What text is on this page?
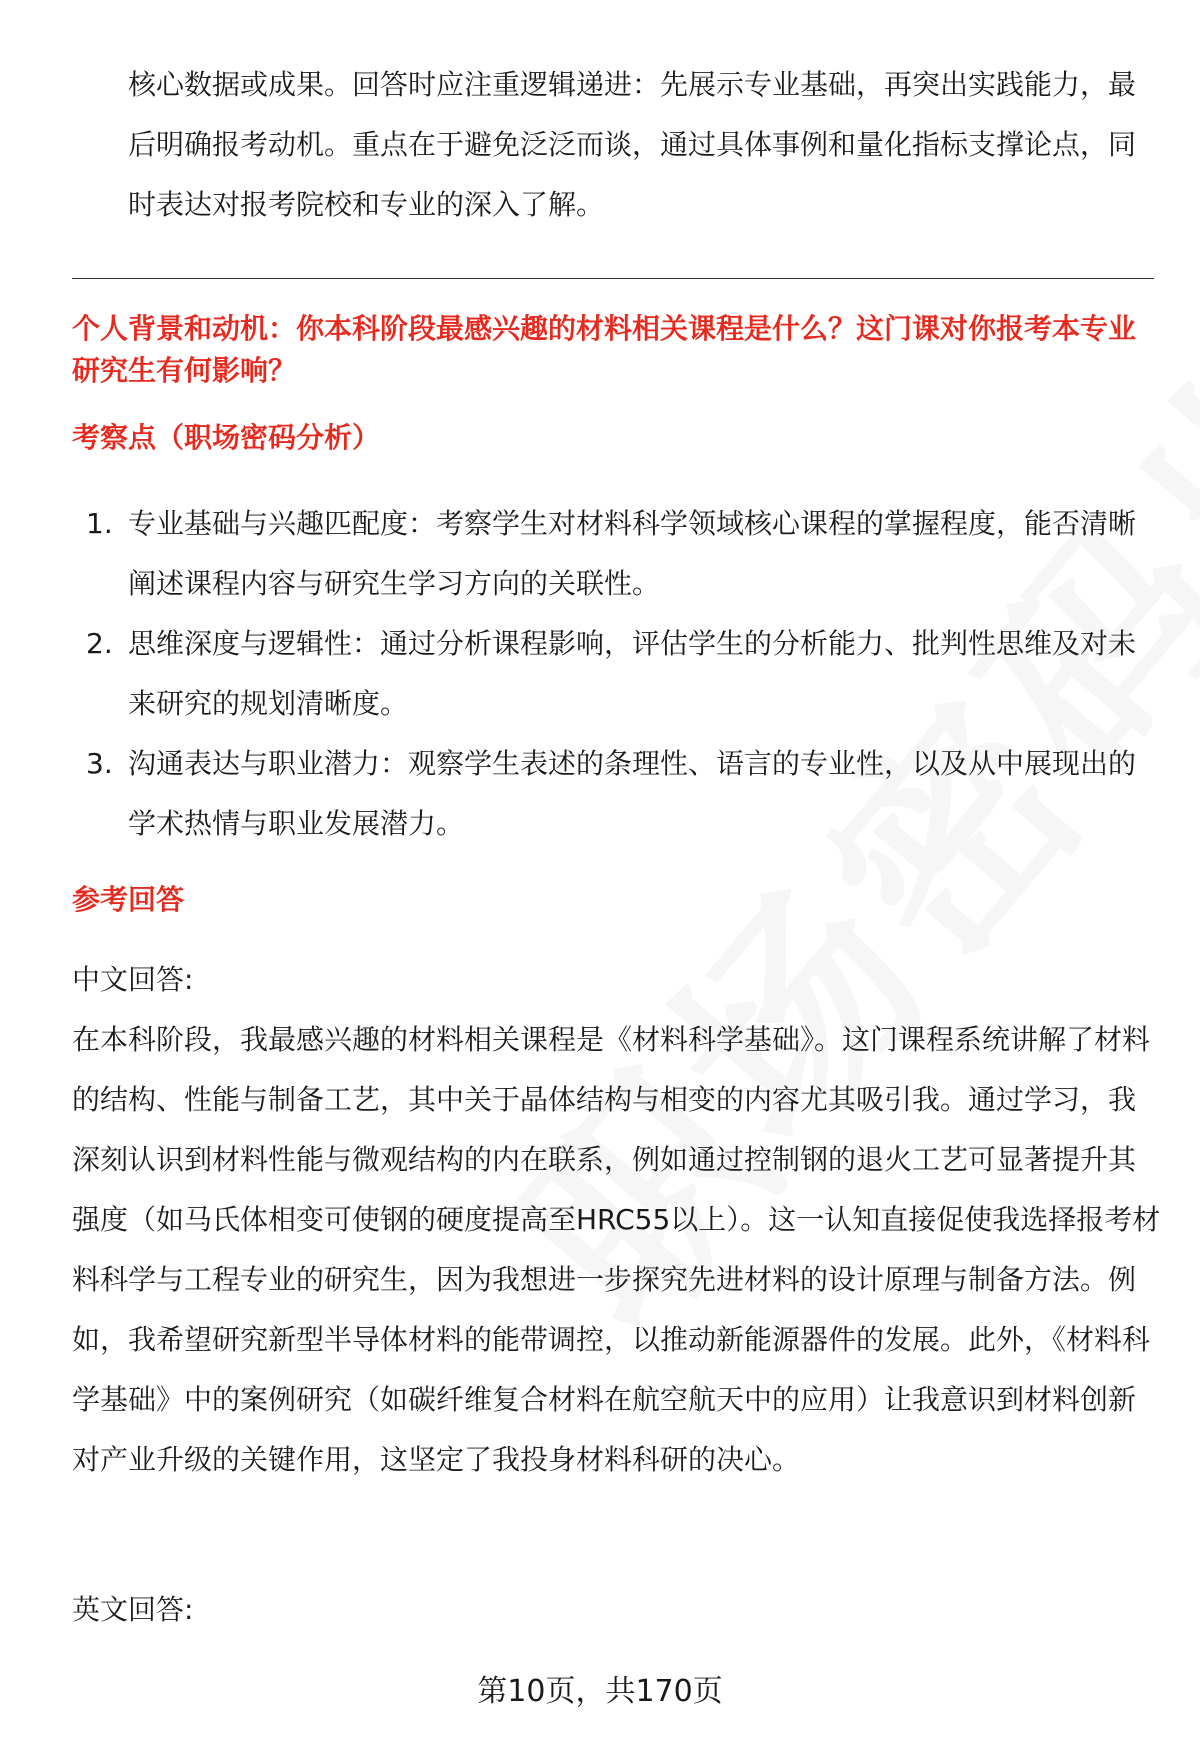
核心数据或成果。回答时应注重逻辑递进：先展示专业基础，再突出实践能力，最后明确报考动机。重点在于避免泛泛而谈，通过具体事例和量化指标支撑论点，同时表达对报考院校和专业的深入了解。
个人背景和动机：你本科阶段最感兴趣的材料相关课程是什么？这门课对你报考本专业研究生有何影响？
考察点（职场密码分析）
1. 专业基础与兴趣匹配度：考察学生对材料科学领域核心课程的掌握程度，能否清晰阐述课程内容与研究生学习方向的关联性。
2. 思维深度与逻辑性：通过分析课程影响，评估学生的分析能力、批判性思维及对未来研究的规划清晰度。
3. 沟通表达与职业潜力：观察学生表述的条理性、语言的专业性，以及从中展现出的学术热情与职业发展潜力。
参考回答
中文回答:
在本科阶段，我最感兴趣的材料相关课程是《材料科学基础》。这门课程系统讲解了材料的结构、性能与制备工艺，其中关于晶体结构与相变的内容尤其吸引我。通过学习，我深刻认识到材料性能与微观结构的内在联系，例如通过控制钢的退火工艺可显著提升其强度（如马氏体相变可使钢的硬度提高至HRC55以上）。这一认知直接促使我选择报考材料科学与工程专业的研究生，因为我想进一步探究先进材料的设计原理与制备方法。例如，我希望研究新型半导体材料的能带调控，以推动新能源器件的发展。此外，《材料科学基础》中的案例研究（如碳纤维复合材料在航空航天中的应用）让我意识到材料创新对产业升级的关键作用，这坚定了我投身材料科研的决心。
英文回答:
第10页，共170页
